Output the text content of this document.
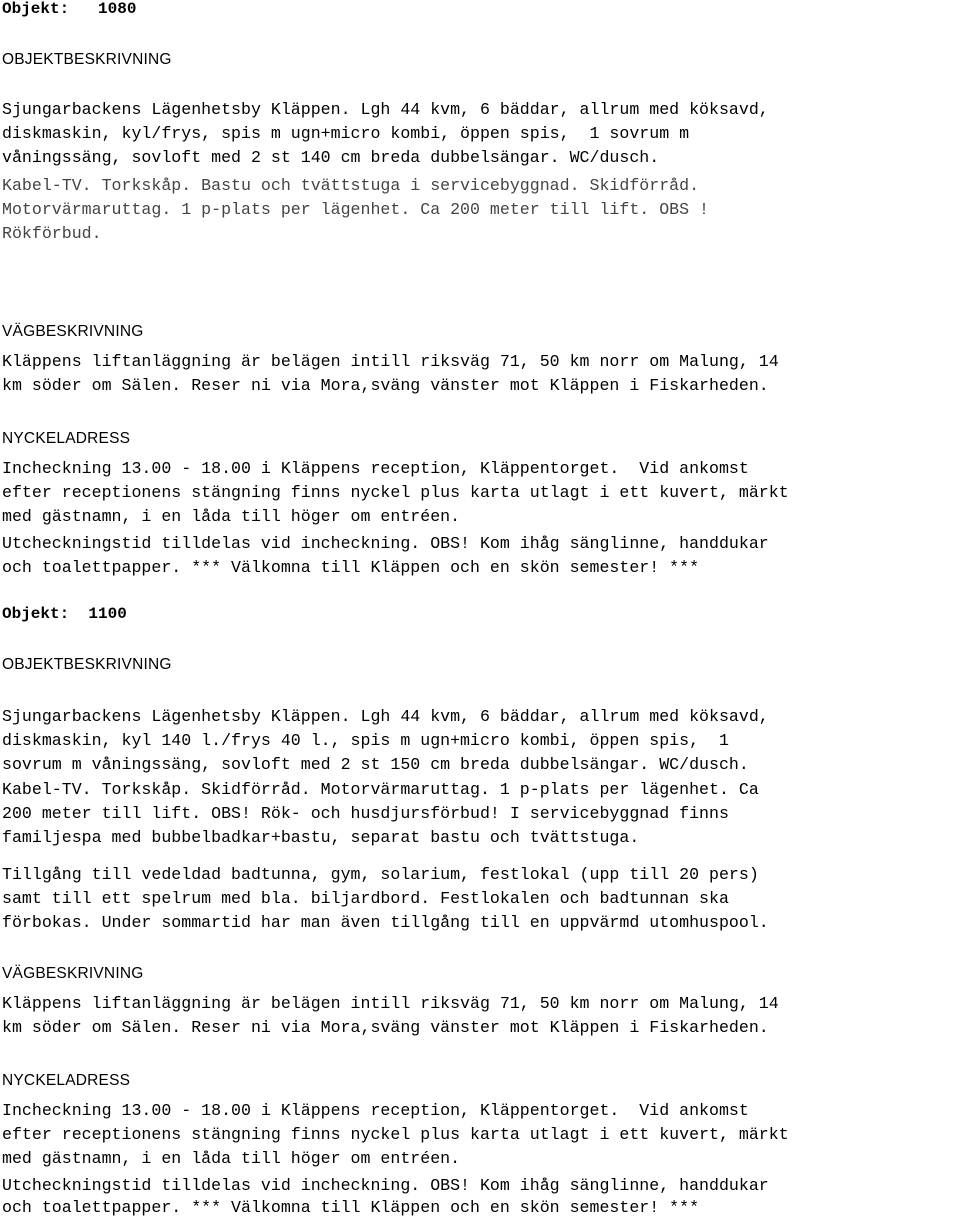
Objekt: 1080
OBJEKTBESKRIVNING
Sjungarbackens Lägenhetsby Kläppen. Lgh 44 kvm, 6 bäddar, allrum med köksavd,
diskmaskin, kyl/frys, spis m ugn+micro kombi, öppen spis,  1 sovrum m
våningssäng, sovloft med 2 st 140 cm breda dubbelsängar. WC/dusch.
Kabel-TV. Torkskåp. Bastu och tvättstuga i servicebyggnad. Skidförråd.
Motorvärmaruttag. 1 p-plats per lägenhet. Ca 200 meter till lift. OBS !
Rökförbud.
VÄGBESKRIVNING
Kläppens liftanläggning är belägen intill riksväg 71, 50 km norr om Malung, 14
km söder om Sälen. Reser ni via Mora,sväng vänster mot Kläppen i Fiskarheden.
NYCKELADRESS
Incheckning 13.00 - 18.00 i Kläppens reception, Kläppentorget.  Vid ankomst
efter receptionens stängning finns nyckel plus karta utlagt i ett kuvert, märkt
med gästnamn, i en låda till höger om entréen.
Utcheckningstid tilldelas vid incheckning. OBS! Kom ihåg sänglinne, handdukar
och toalettpapper. *** Välkomna till Kläppen och en skön semester! ***
Objekt: 1100
OBJEKTBESKRIVNING
Sjungarbackens Lägenhetsby Kläppen. Lgh 44 kvm, 6 bäddar, allrum med köksavd,
diskmaskin, kyl 140 l./frys 40 l., spis m ugn+micro kombi, öppen spis,  1
sovrum m våningssäng, sovloft med 2 st 150 cm breda dubbelsängar. WC/dusch.
Kabel-TV. Torkskåp. Skidförråd. Motorvärmaruttag. 1 p-plats per lägenhet. Ca
200 meter till lift. OBS! Rök- och husdjursförbud! I servicebyggnad finns
familjespa med bubbelbadkar+bastu, separat bastu och tvättstuga.
Tillgång till vedeldad badtunna, gym, solarium, festlokal (upp till 20 pers)
samt till ett spelrum med bla. biljardbord. Festlokalen och badtunnan ska
förbokas. Under sommartid har man även tillgång till en uppvärmd utomhuspool.
VÄGBESKRIVNING
Kläppens liftanläggning är belägen intill riksväg 71, 50 km norr om Malung, 14
km söder om Sälen. Reser ni via Mora,sväng vänster mot Kläppen i Fiskarheden.
NYCKELADRESS
Incheckning 13.00 - 18.00 i Kläppens reception, Kläppentorget.  Vid ankomst
efter receptionens stängning finns nyckel plus karta utlagt i ett kuvert, märkt
med gästnamn, i en låda till höger om entréen.
Utcheckningstid tilldelas vid incheckning. OBS! Kom ihåg sänglinne, handdukar
och toalettpapper. *** Välkomna till Kläppen och en skön semester! ***
